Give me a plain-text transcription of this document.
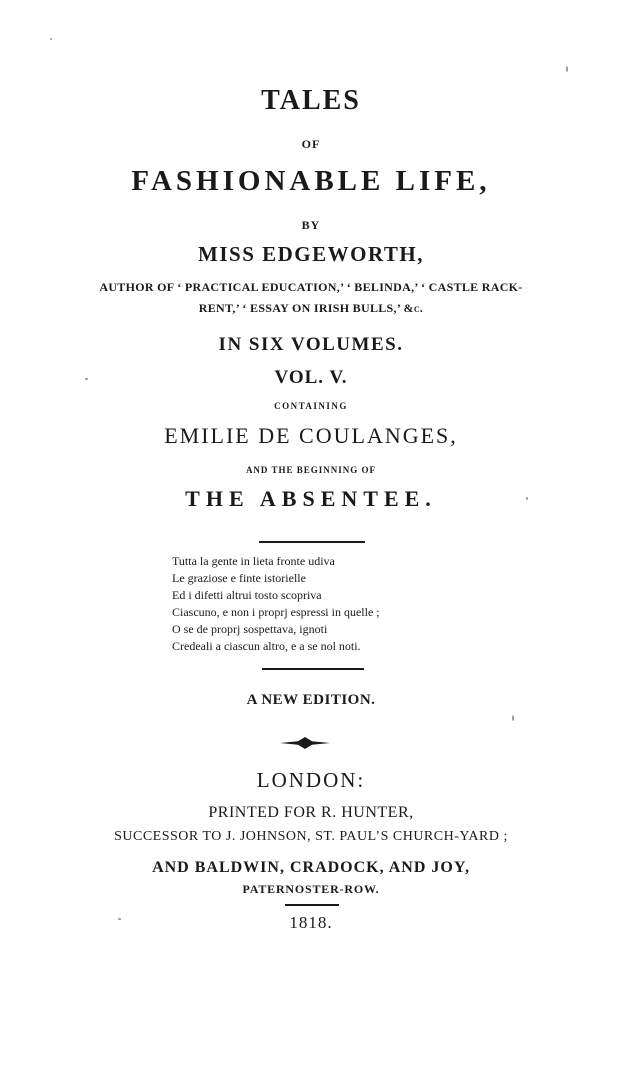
TALES
OF
FASHIONABLE LIFE,
BY
MISS EDGEWORTH,
AUTHOR OF ‘ PRACTICAL EDUCATION,’ ‘ BELINDA,’ ‘ CASTLE RACK-
RENT,’ ‘ ESSAY ON IRISH BULLS,’ &c.
IN SIX VOLUMES.
VOL. V.
CONTAINING
EMILIE DE COULANGES,
AND THE BEGINNING OF
THE ABSENTEE.
Tutta la gente in lieta fronte udiva
Le graziose e finte istorielle
Ed i difetti altrui tosto scopriva
Ciascuno, e non i proprj espressi in quelle ;
O se de proprj sospettava, ignoti
Credeali a ciascun altro, e a se nol noti.
A NEW EDITION.
LONDON:
PRINTED FOR R. HUNTER,
SUCCESSOR TO J. JOHNSON, ST. PAUL’S CHURCH-YARD ;
AND BALDWIN, CRADOCK, AND JOY,
PATERNOSTER-ROW.
1818.
